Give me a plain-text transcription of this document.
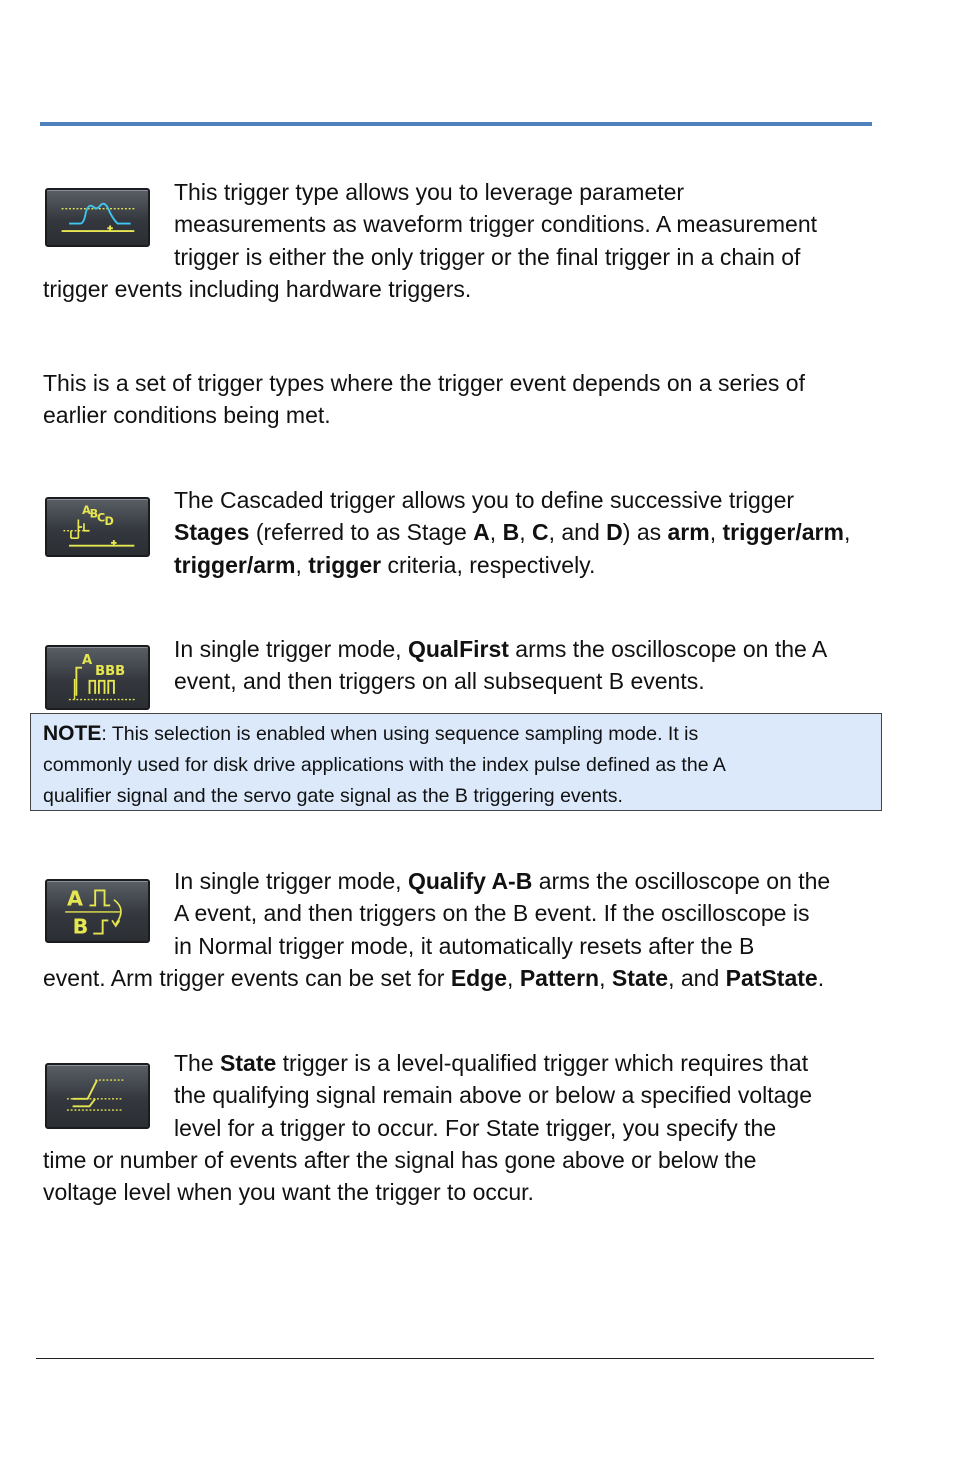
This trigger type allows you to leverage parameter
measurements as waveform trigger conditions. A measurement
trigger is either the only trigger or the final trigger in a chain of

trigger events including hardware triggers.

This is a set of trigger types where the trigger event depends on a series of
earlier conditions being met.

A
B
C D

The Cascaded trigger allows you to define successive trigger
Stages (referred to as Stage A, B, C, and D) as arm, trigger/arm,
trigger/arm, trigger criteria, respectively.

A
BBB

In single trigger mode, QualFirst arms the oscilloscope on the A
event, and then triggers on all subsequent B events.

NOTE: This selection is enabled when using sequence sampling mode. It is
commonly used for disk drive applications with the index pulse defined as the A
qualifier signal and the servo gate signal as the B triggering events.
A
B

In single trigger mode, Qualify A-B arms the oscilloscope on the
A event, and then triggers on the B event. If the oscilloscope is
in Normal trigger mode, it automatically resets after the B

event. Arm trigger events can be set for Edge, Pattern, State, and PatState.

The State trigger is a level-qualified trigger which requires that
the qualifying signal remain above or below a specified voltage
level for a trigger to occur. For State trigger, you specify the

time or number of events after the signal has gone above or below the
voltage level when you want the trigger to occur.
